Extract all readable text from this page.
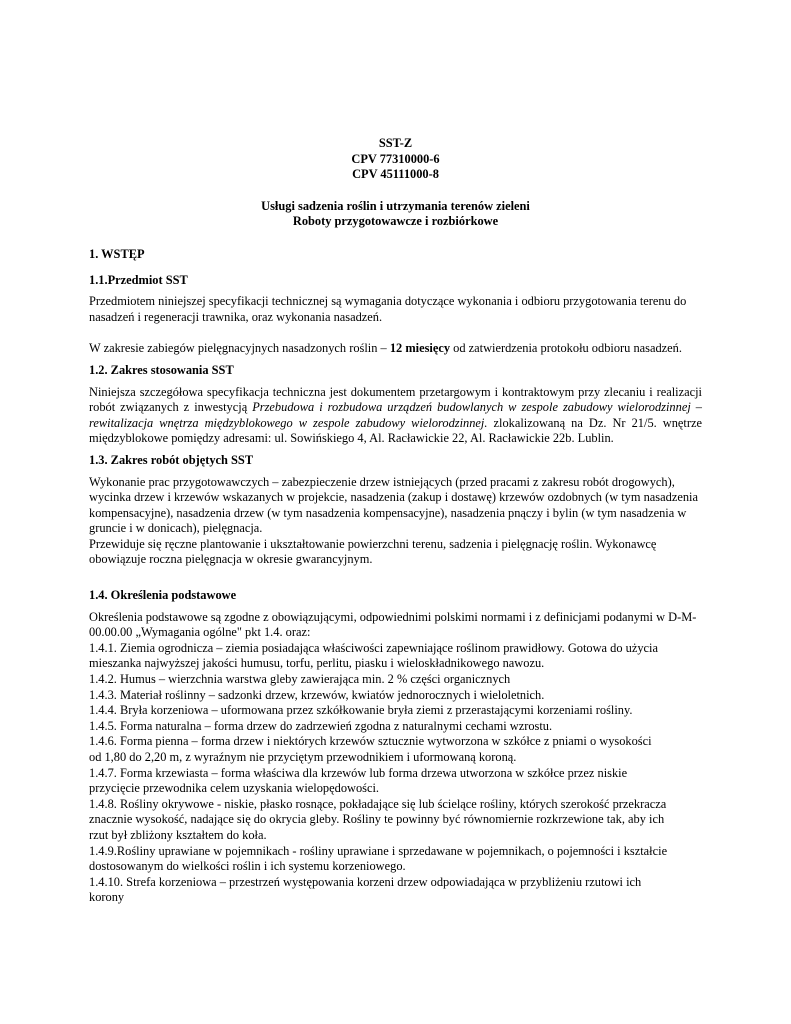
SST-Z
CPV 77310000-6
CPV 45111000-8
Usługi sadzenia roślin i utrzymania terenów zieleni
Roboty przygotowawcze i rozbiórkowe
1. WSTĘP
1.1.Przedmiot SST

Przedmiotem niniejszej specyfikacji technicznej są wymagania dotyczące wykonania i odbioru przygotowania terenu do nasadzeń i regeneracji trawnika, oraz wykonania nasadzeń.

W zakresie zabiegów pielęgnacyjnych nasadzonych roślin – 12 miesięcy od zatwierdzenia protokołu odbioru nasadzeń.

1.2. Zakres stosowania SST

Niniejsza szczegółowa specyfikacja techniczna jest dokumentem przetargowym i kontraktowym przy zlecaniu i realizacji robót związanych z inwestycją Przebudowa i rozbudowa urządzeń budowlanych w zespole zabudowy wielorodzinnej – rewitalizacja wnętrza międzyblokowego w zespole zabudowy wielorodzinnej. zlokalizowaną na Dz. Nr 21/5. wnętrze międzyblokowe pomiędzy adresami: ul. Sowińskiego 4, Al. Racławickie 22, Al. Racławickie 22b. Lublin.

1.3. Zakres robót objętych SST

Wykonanie prac przygotowawczych – zabezpieczenie drzew istniejących (przed pracami z zakresu robót drogowych), wycinka drzew i krzewów wskazanych w projekcie, nasadzenia (zakup i dostawę) krzewów ozdobnych (w tym nasadzenia kompensacyjne), nasadzenia drzew (w tym nasadzenia kompensacyjne), nasadzenia pnączy i bylin (w tym nasadzenia w gruncie i w donicach), pielęgnacja.

Przewiduje się ręczne plantowanie i ukształtowanie powierzchni terenu, sadzenia i pielęgnację roślin. Wykonawcę obowiązuje roczna pielęgnacja w okresie gwarancyjnym.

1.4. Określenia podstawowe

Określenia podstawowe są zgodne z obowiązującymi, odpowiednimi polskimi normami i z definicjami podanymi w D-M-00.00.00 „Wymagania ogólne" pkt 1.4. oraz:

1.4.1. Ziemia ogrodnicza – ziemia posiadająca właściwości zapewniające roślinom prawidłowy. Gotowa do użycia mieszanka najwyższej jakości humusu, torfu, perlitu, piasku i wieloskładnikowego nawozu.

1.4.2. Humus – wierzchnia warstwa gleby zawierająca min. 2 % części organicznych

1.4.3. Materiał roślinny – sadzonki drzew, krzewów, kwiatów jednorocznych i wieloletnich.

1.4.4. Bryła korzeniowa – uformowana przez szkółkowanie bryła ziemi z przerastającymi korzeniami rośliny.

1.4.5. Forma naturalna – forma drzew do zadrzewień zgodna z naturalnymi cechami wzrostu.

1.4.6. Forma pienna – forma drzew i niektórych krzewów sztucznie wytworzona w szkółce z pniami o wysokości od 1,80 do 2,20 m, z wyraźnym nie przyciętym przewodnikiem i uformowaną koroną.

1.4.7. Forma krzewiasta – forma właściwa dla krzewów lub forma drzewa utworzona w szkółce przez niskie przycięcie przewodnika celem uzyskania wielopędowości.

1.4.8. Rośliny okrywowe - niskie, płasko rosnące, pokładające się lub ścielące rośliny, których szerokość przekracza znacznie wysokość, nadające się do okrycia gleby. Rośliny te powinny być równomiernie rozkrzewione tak, aby ich rzut był zbliżony kształtem do koła.

1.4.9.Rośliny uprawiane w pojemnikach - rośliny uprawiane i sprzedawane w pojemnikach, o pojemności i kształcie dostosowanym do wielkości roślin i ich systemu korzeniowego.

1.4.10. Strefa korzeniowa – przestrzeń występowania korzeni drzew odpowiadająca w przybliżeniu rzutowi ich korony
